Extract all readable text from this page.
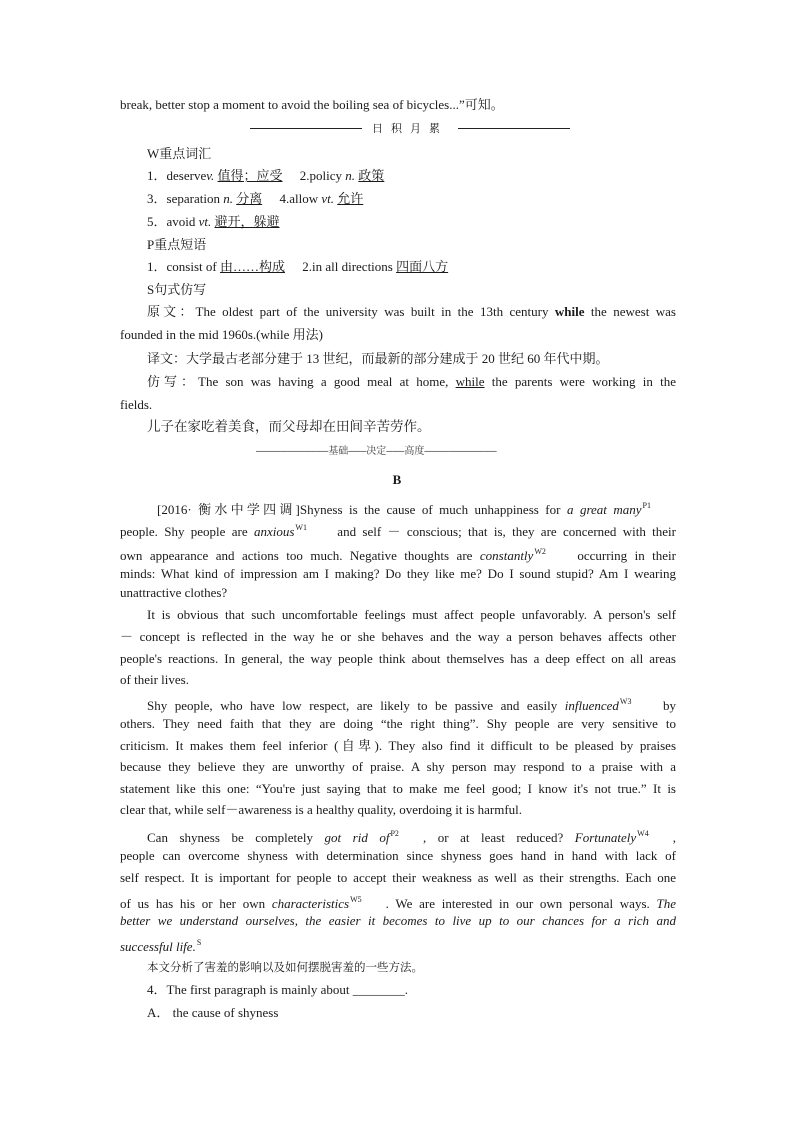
break, better stop a moment to avoid the boiling sea of bicycles...”可知。
日积月累
W重点词汇
1．deservev. 值得；应受 2.policy n. 政策
3．separation n. 分离 4.allow vt. 允许
5．avoid vt. 避开，躲避
P重点短语
1．consist of 由……构成 2.in all directions 四面八方
S句式仿写
原文：The oldest part of the university was built in the 13th century while the newest was
founded in the mid 1960s.(while 用法)
译文：大学最古老部分建于 13 世纪，而最新的部分建成于 20 世纪 60 年代中期。
仿写：The son was having a good meal at home, while the parents were working in the
fields.
儿子在家吃着美食，而父母却在田间辛苦劳作。
————————————基础———决定———高度————————————
B
[2016· 衡水中学四调]Shyness is the cause of much unhappiness for a great many$^{P1}$
people. Shy people are anxious$^{W1}$ and self － conscious; that is, they are concerned with their
own appearance and actions too much. Negative thoughts are constantly$^{W2}$ occurring in their
minds: What kind of impression am I making? Do they like me? Do I sound stupid? Am I wearing
unattractive clothes?
It is obvious that such uncomfortable feelings must affect people unfavorably. A person's self
－ concept is reflected in the way he or she behaves and the way a person behaves affects other
people's reactions. In general, the way people think about themselves has a deep effect on all areas
of their lives.
Shy people, who have low respect, are likely to be passive and easily influenced$^{W3}$ by
others. They need faith that they are doing “the right thing”. Shy people are very sensitive to
criticism. It makes them feel inferior (自卑). They also find it difficult to be pleased by praises
because they believe they are unworthy of praise. A shy person may respond to a praise with a
statement like this one: “You're just saying that to make me feel good; I know it's not true.” It is
clear that, while self－awareness is a healthy quality, overdoing it is harmful.
Can shyness be completely got rid $of^{P2}$ , or at least reduced? Fortunately$^{W4}$ ,
people can overcome shyness with determination since shyness goes hand in hand with lack of
self respect. It is important for people to accept their weakness as well as their strengths. Each one
of us has his or her own characteristics$^{W5}$ . We are interested in our own personal ways. The
better we understand ourselves, the easier it becomes to live up to our chances for a rich and
successful life.$^S$
本文分析了害羞的影响以及如何摆脱害羞的一些方法。
4．The first paragraph is mainly about ________.
A． the cause of shyness
